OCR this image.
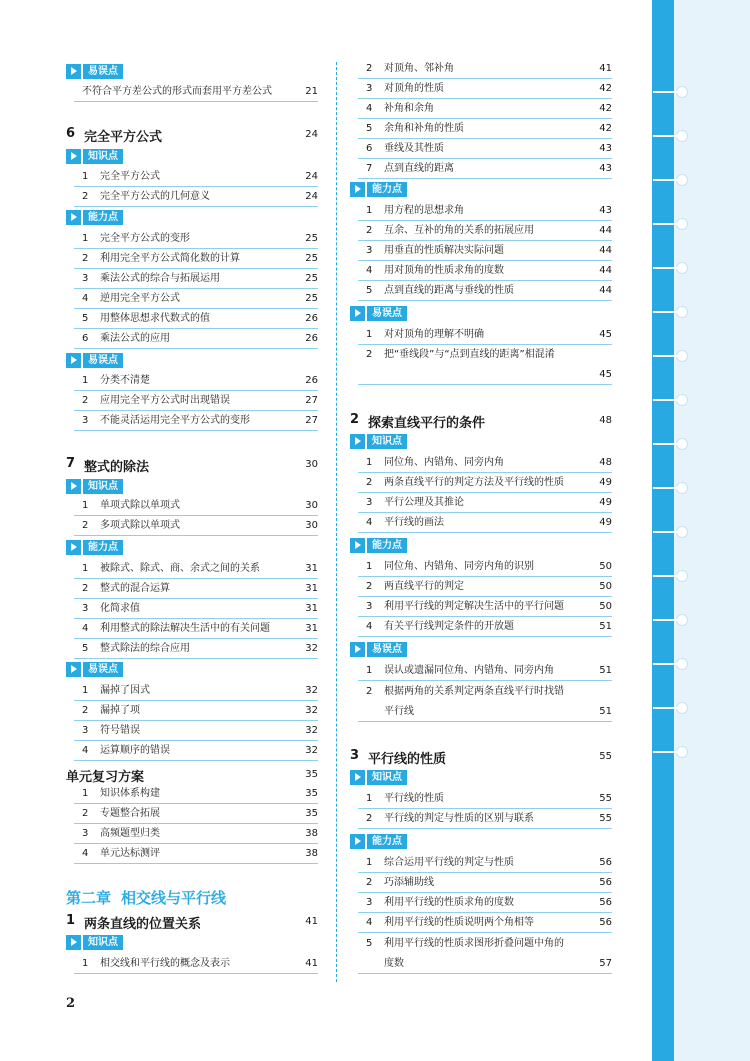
易误点
不符合平方差公式的形式而套用平方差公式	21
6 完全平方公式	24
知识点
1	完全平方公式	24
2	完全平方公式的几何意义	24
能力点
1	完全平方公式的变形	25
2	利用完全平方公式简化数的计算	25
3	乘法公式的综合与拓展运用	25
4	逆用完全平方公式	25
5	用整体思想求代数式的值	26
6	乘法公式的应用	26
易误点
1	分类不清楚	26
2	应用完全平方公式时出现错误	27
3	不能灵活运用完全平方公式的变形	27
7 整式的除法	30
知识点
1	单项式除以单项式	30
2	多项式除以单项式	30
能力点
1	被除式、除式、商、余式之间的关系	31
2	整式的混合运算	31
3	化简求值	31
4	利用整式的除法解决生活中的有关问题	31
5	整式除法的综合应用	32
易误点
1	漏掉了因式	32
2	漏掉了项	32
3	符号错误	32
4	运算顺序的错误	32
单元复习方案	35
1	知识体系构建	35
2	专题整合拓展	35
3	高频题型归类	38
4	单元达标测评	38
第二章 相交线与平行线
1 两条直线的位置关系	41
知识点
1	相交线和平行线的概念及表示	41
2	对顶角、邻补角	41
3	对顶角的性质	42
4	补角和余角	42
5	余角和补角的性质	42
6	垂线及其性质	43
7	点到直线的距离	43
能力点
1	用方程的思想求角	43
2	互余、互补的角的关系的拓展应用	44
3	用垂直的性质解决实际问题	44
4	用对顶角的性质求角的度数	44
5	点到直线的距离与垂线的性质	44
易误点
1	对对顶角的理解不明确	45
2	把“垂线段”与“点到直线的距离”相混淆
45
2 探索直线平行的条件	48
知识点
1	同位角、内错角、同旁内角	48
2	两条直线平行的判定方法及平行线的性质	49
3	平行公理及其推论	49
4	平行线的画法	49
能力点
1	同位角、内错角、同旁内角的识别	50
2	两直线平行的判定	50
3	利用平行线的判定解决生活中的平行问题	50
4	有关平行线判定条件的开放题	51
易误点
1	误认或遗漏同位角、内错角、同旁内角	51
2	根据两角的关系判定两条直线平行时找错
平行线	51
3 平行线的性质	55
知识点
1	平行线的性质	55
2	平行线的判定与性质的区别与联系	55
能力点
1	综合运用平行线的判定与性质	56
2	巧添辅助线	56
3	利用平行线的性质求角的度数	56
4	利用平行线的性质说明两个角相等	56
5	利用平行线的性质求图形折叠问题中角的
度数	57
2
